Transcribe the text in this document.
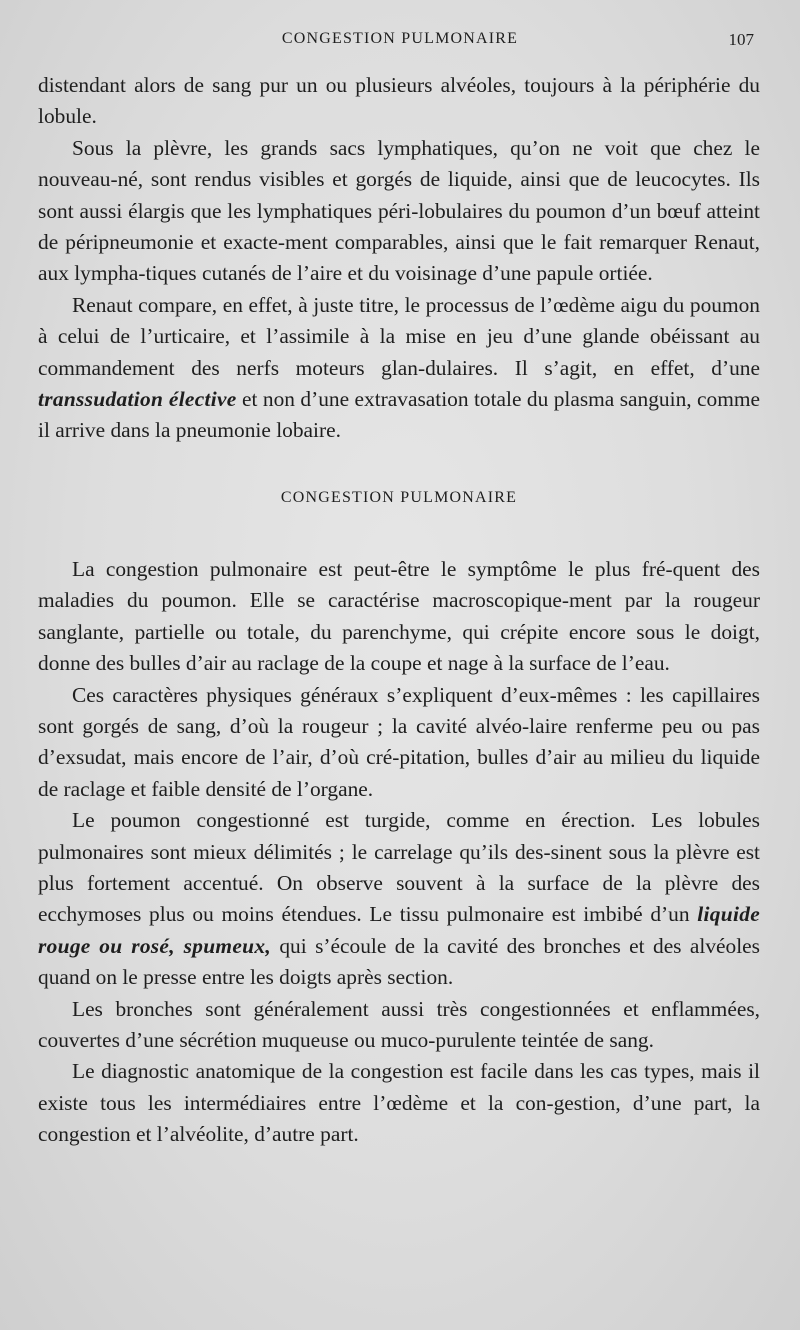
CONGESTION PULMONAIRE	107

distendant alors de sang pur un ou plusieurs alvéoles, toujours à la périphérie du lobule.

Sous la plèvre, les grands sacs lymphatiques, qu’on ne voit que chez le nouveau-né, sont rendus visibles et gorgés de liquide, ainsi que de leucocytes. Ils sont aussi élargis que les lymphatiques péri-lobulaires du poumon d’un bœuf atteint de péripneumonie et exacte-ment comparables, ainsi que le fait remarquer Renaut, aux lympha-tiques cutanés de l’aire et du voisinage d’une papule ortiée.

Renaut compare, en effet, à juste titre, le processus de l’œdème aigu du poumon à celui de l’urticaire, et l’assimile à la mise en jeu d’une glande obéissant au commandement des nerfs moteurs glan-dulaires. Il s’agit, en effet, d’une transsudation élective et non d’une extravasation totale du plasma sanguin, comme il arrive dans la pneumonie lobaire.

CONGESTION PULMONAIRE

La congestion pulmonaire est peut-être le symptôme le plus fré-quent des maladies du poumon. Elle se caractérise macroscopique-ment par la rougeur sanglante, partielle ou totale, du parenchyme, qui crépite encore sous le doigt, donne des bulles d’air au raclage de la coupe et nage à la surface de l’eau.

Ces caractères physiques généraux s’expliquent d’eux-mêmes : les capillaires sont gorgés de sang, d’où la rougeur ; la cavité alvéo-laire renferme peu ou pas d’exsudat, mais encore de l’air, d’où cré-pitation, bulles d’air au milieu du liquide de raclage et faible densité de l’organe.

Le poumon congestionné est turgide, comme en érection. Les lobules pulmonaires sont mieux délimités ; le carrelage qu’ils des-sinent sous la plèvre est plus fortement accentué. On observe souvent à la surface de la plèvre des ecchymoses plus ou moins étendues. Le tissu pulmonaire est imbibé d’un liquide rouge ou rosé, spumeux, qui s’écoule de la cavité des bronches et des alvéoles quand on le presse entre les doigts après section.

Les bronches sont généralement aussi très congestionnées et enflammées, couvertes d’une sécrétion muqueuse ou muco-purulente teintée de sang.

Le diagnostic anatomique de la congestion est facile dans les cas types, mais il existe tous les intermédiaires entre l’œdème et la con-gestion, d’une part, la congestion et l’alvéolite, d’autre part.
